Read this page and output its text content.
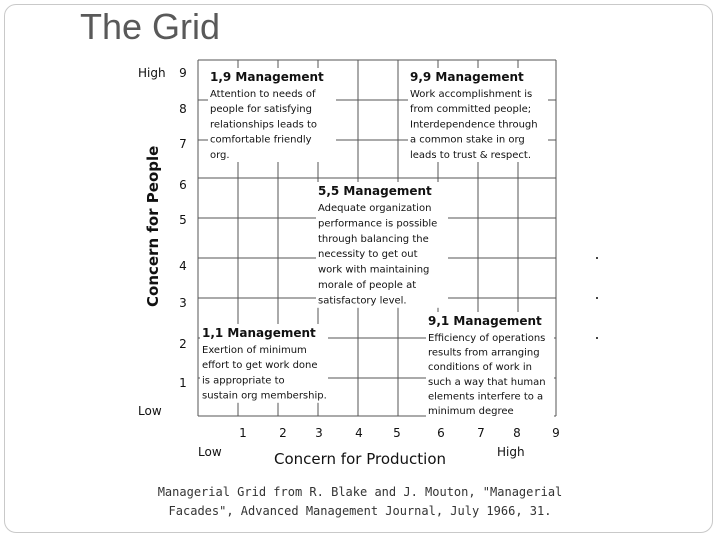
The Grid
High
Low
Low	High
Concern for Production
Concern for People
1	2 3	4	5	6	7 8	9
9
8
7
6
5
4
3
2
1
1,9 Management
Attention to needs of
people for satisfying
relationships leads to
comfortable friendly
org.
9,9 Management
Work accomplishment is
from committed people;
Interdependence through
a common stake in org
leads to trust & respect.
5,5 Management
Adequate organization
performance is possible
through balancing the
necessity to get out
work with maintaining
morale of people at
satisfactory level.
1,1 Management
Exertion of minimum
effort to get work done
is appropriate to
sustain org membership.
9,1 Management
Efficiency of operations
results from arranging
conditions of work in
such a way that human
elements interfere to a
minimum degree
Managerial Grid from R. Blake and J. Mouton, "Managerial
Facades", Advanced Management Journal, July 1966, 31.
